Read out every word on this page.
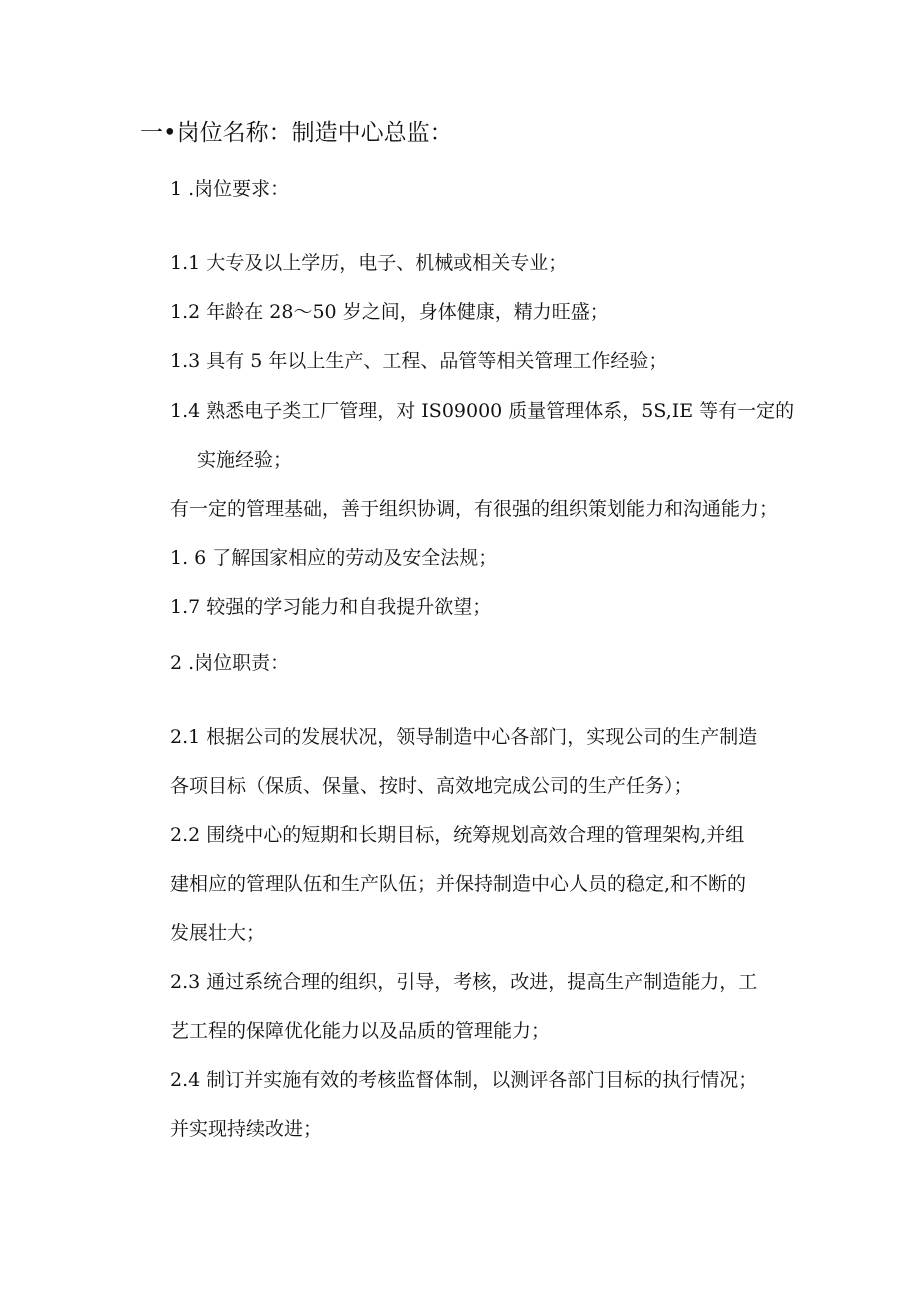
一•岗位名称：制造中心总监：
1 .岗位要求：
1.1 大专及以上学历，电子、机械或相关专业；
1.2 年龄在 28～50 岁之间，身体健康，精力旺盛；
1.3 具有 5 年以上生产、工程、品管等相关管理工作经验；
1.4 熟悉电子类工厂管理，对 IS09000 质量管理体系，5S,IE 等有一定的
实施经验；
有一定的管理基础，善于组织协调，有很强的组织策划能力和沟通能力；
1. 6 了解国家相应的劳动及安全法规；
1.7 较强的学习能力和自我提升欲望；
2 .岗位职责：
2.1 根据公司的发展状况，领导制造中心各部门，实现公司的生产制造
各项目标（保质、保量、按时、高效地完成公司的生产任务）；
2.2 围绕中心的短期和长期目标，统筹规划高效合理的管理架构,并组
建相应的管理队伍和生产队伍；并保持制造中心人员的稳定,和不断的
发展壮大；
2.3 通过系统合理的组织，引导，考核，改进，提高生产制造能力，工
艺工程的保障优化能力以及品质的管理能力；
2.4 制订并实施有效的考核监督体制，以测评各部门目标的执行情况；
并实现持续改进；
